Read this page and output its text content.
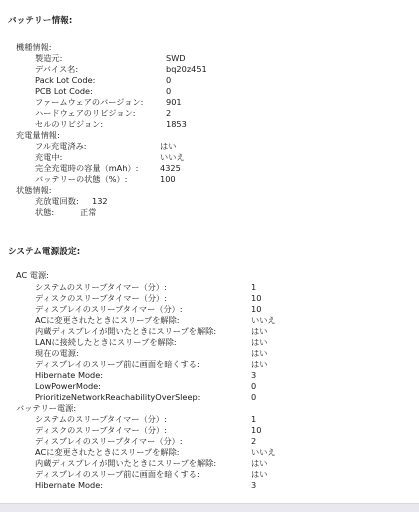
バッテリー情報:
機種情報:
製造元:	SWD
デバイス名:	bq20z451
Pack Lot Code:	0
PCB Lot Code:	0
ファームウェアのバージョン:	901
ハードウェアのリビジョン:	2
セルのリビジョン:	1853
充電量情報:
フル充電済み:	はい
充電中:	いいえ
完全充電時の容量（mAh）:	4325
バッテリーの状態（%）:	100
状態情報:
充放電回数: 132
状態:	正常
システム電源設定:
AC 電源:
システムのスリープタイマー（分）:	1
ディスクのスリープタイマー（分）:	10
ディスプレイのスリープタイマー（分）:	10
ACに変更されたときにスリープを解除:	いいえ
内蔵ディスプレイが開いたときにスリープを解除:	はい
LANに接続したときにスリープを解除:	はい
現在の電源:	はい
ディスプレイのスリープ前に画面を暗くする:	はい
Hibernate Mode:	3
LowPowerMode:	0
PrioritizeNetworkReachabilityOverSleep:	0
バッテリー電源:
システムのスリープタイマー（分）:	1
ディスクのスリープタイマー（分）:	10
ディスプレイのスリープタイマー（分）:	2
ACに変更されたときにスリープを解除:	いいえ
内蔵ディスプレイが開いたときにスリープを解除:	はい
ディスプレイのスリープ前に画面を暗くする:	はい
Hibernate Mode:	3
